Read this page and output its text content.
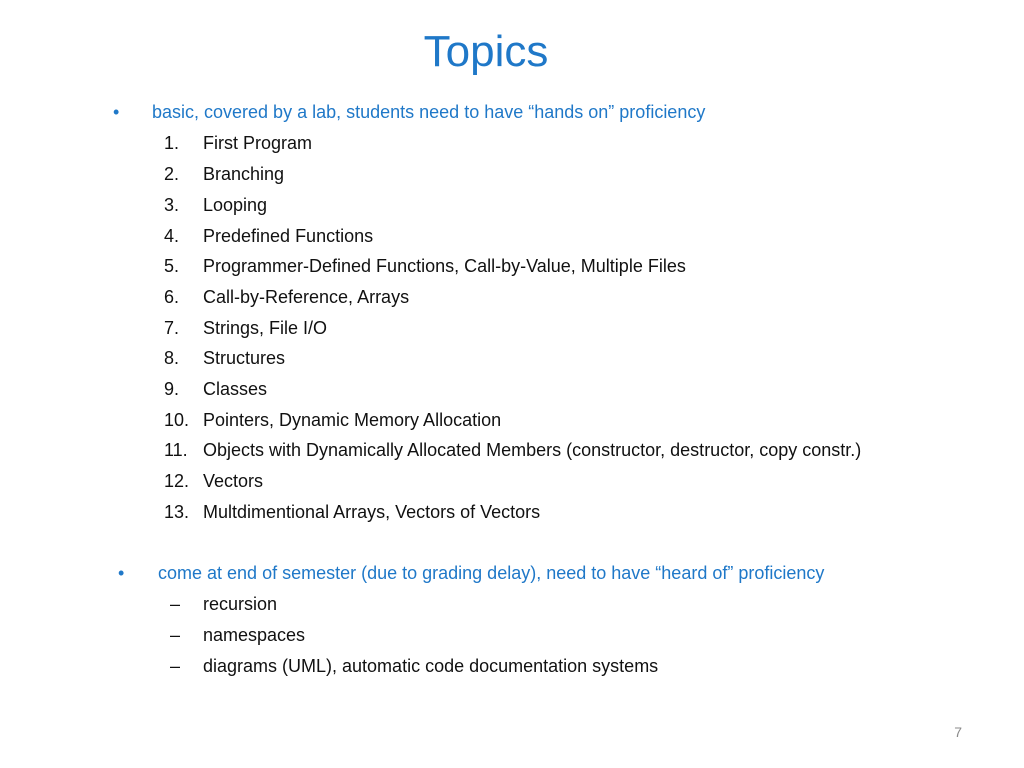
Topics
• basic, covered by a lab, students need to have “hands on” proficiency
1. First Program
2. Branching
3. Looping
4. Predefined Functions
5. Programmer-Defined Functions, Call-by-Value, Multiple Files
6. Call-by-Reference, Arrays
7. Strings, File I/O
8. Structures
9. Classes
10. Pointers, Dynamic Memory Allocation
11. Objects with Dynamically Allocated Members (constructor, destructor, copy constr.)
12. Vectors
13. Multdimentional Arrays, Vectors of Vectors
• come at end of semester (due to grading delay), need to have “heard of” proficiency
– recursion
– namespaces
– diagrams (UML), automatic code documentation systems
7
